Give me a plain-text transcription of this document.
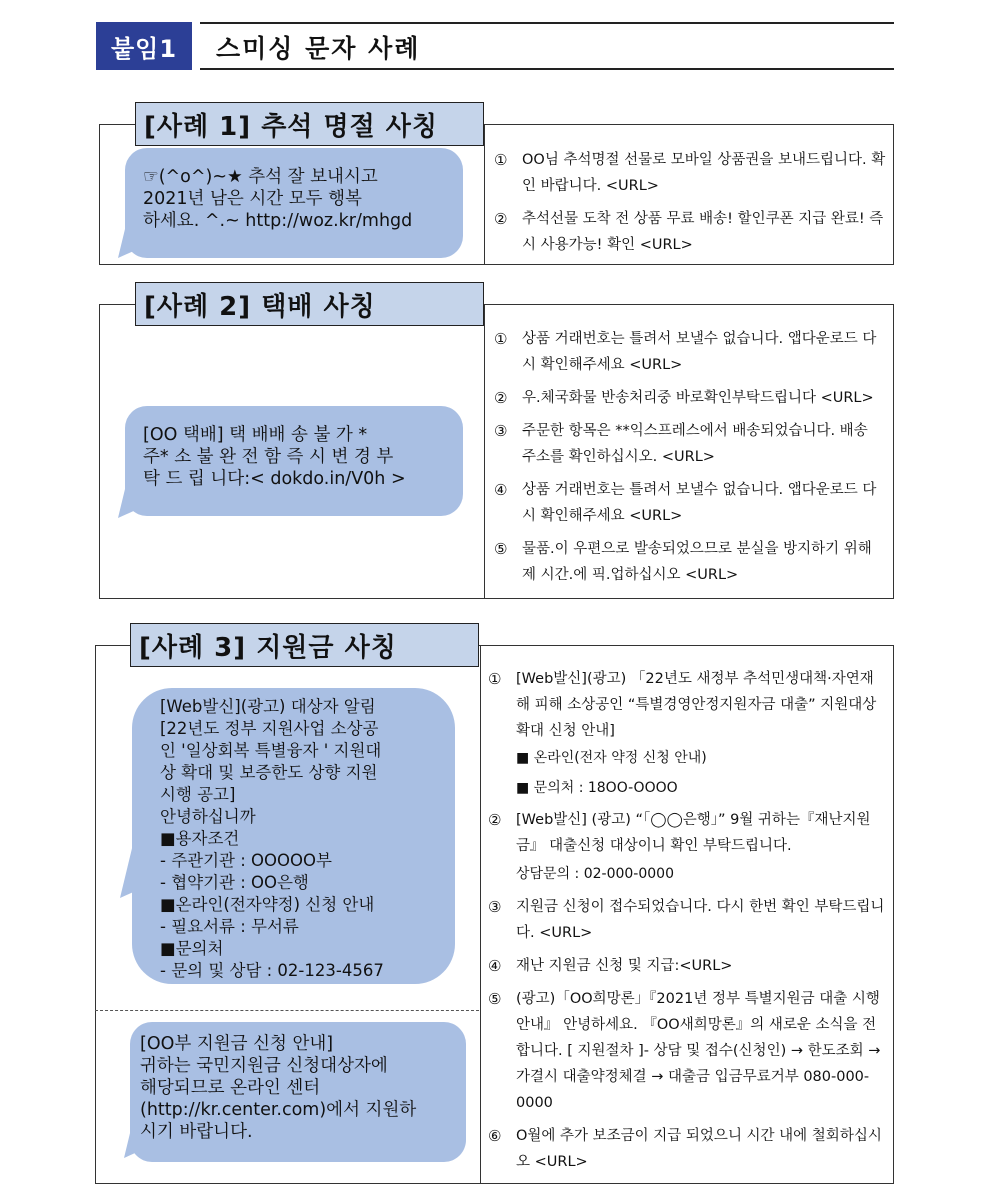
붙임1	스미싱 문자 사례
[사례 1] 추석 명절 사칭
☞(^o^)~★ 추석 잘 보내시고
2021년 남은 시간 모두 행복
하세요. ^.~ http://woz.kr/mhgd
① OO님 추석명절 선물로 모바일 상품권을 보내드립니다. 확인 바랍니다. <URL>
② 추석선물 도착 전 상품 무료 배송! 할인쿠폰 지급 완료! 즉시 사용가능! 확인 <URL>
[사례 2] 택배 사칭
[OO 택배] 택 배배 송 불 가 *
주* 소 불 완 전 함 즉 시 변 경 부
탁 드 립 니다:< dokdo.in/V0h >
① 상품 거래번호는 틀려서 보낼수 없습니다. 앱다운로드 다시 확인해주세요 <URL>
② 우.체국화물 반송처리중 바로확인부탁드립니다 <URL>
③ 주문한 항목은 **익스프레스에서 배송되었습니다. 배송 주소를 확인하십시오. <URL>
④ 상품 거래번호는 틀려서 보낼수 없습니다. 앱다운로드 다시 확인해주세요 <URL>
⑤ 물품.이 우편으로 발송되었으므로 분실을 방지하기 위해 제 시간.에 픽.업하십시오 <URL>
[사례 3] 지원금 사칭
[Web발신](광고) 대상자 알림
[22년도 정부 지원사업 소상공
인 '일상회복 특별융자 ' 지원대
상 확대 및 보증한도 상향 지원
시행 공고]
안녕하십니까
■용자조건
- 주관기관 : OOOOO부
- 협약기관 : OO은행
■온라인(전자약정) 신청 안내
- 필요서류 : 무서류
■문의처
- 문의 및 상담 : 02-123-4567
[OO부 지원금 신청 안내]
귀하는 국민지원금 신청대상자에
해당되므로 온라인 센터
(http://kr.center.com)에서 지원하
시기 바랍니다.
① [Web발신](광고) 「22년도 새정부 추석민생대책·자연재해 피해 소상공인 “특별경영안정지원자금 대출” 지원대상 확대 신청 안내]
■ 온라인(전자 약정 신청 안내)
■ 문의처 : 18OO-OOOO
② [Web발신] (광고) “「◯◯은행」” 9월 귀하는『재난지원금』 대출신청 대상이니 확인 부탁드립니다.
상담문의 : 02-000-0000
③ 지원금 신청이 접수되었습니다. 다시 한번 확인 부탁드립니다. <URL>
④ 재난 지원금 신청 및 지급:<URL>
⑤ (광고)「OO희망론」『2021년 정부 특별지원금 대출 시행 안내』 안녕하세요. 『OO새희망론』의 새로운 소식을 전합니다. [ 지원절차 ]- 상담 및 접수(신청인) → 한도조회 → 가결시 대출약정체결 → 대출금 입금무료거부 080-000-0000
⑥ O월에 추가 보조금이 지급 되었으니 시간 내에 철회하십시오 <URL>
